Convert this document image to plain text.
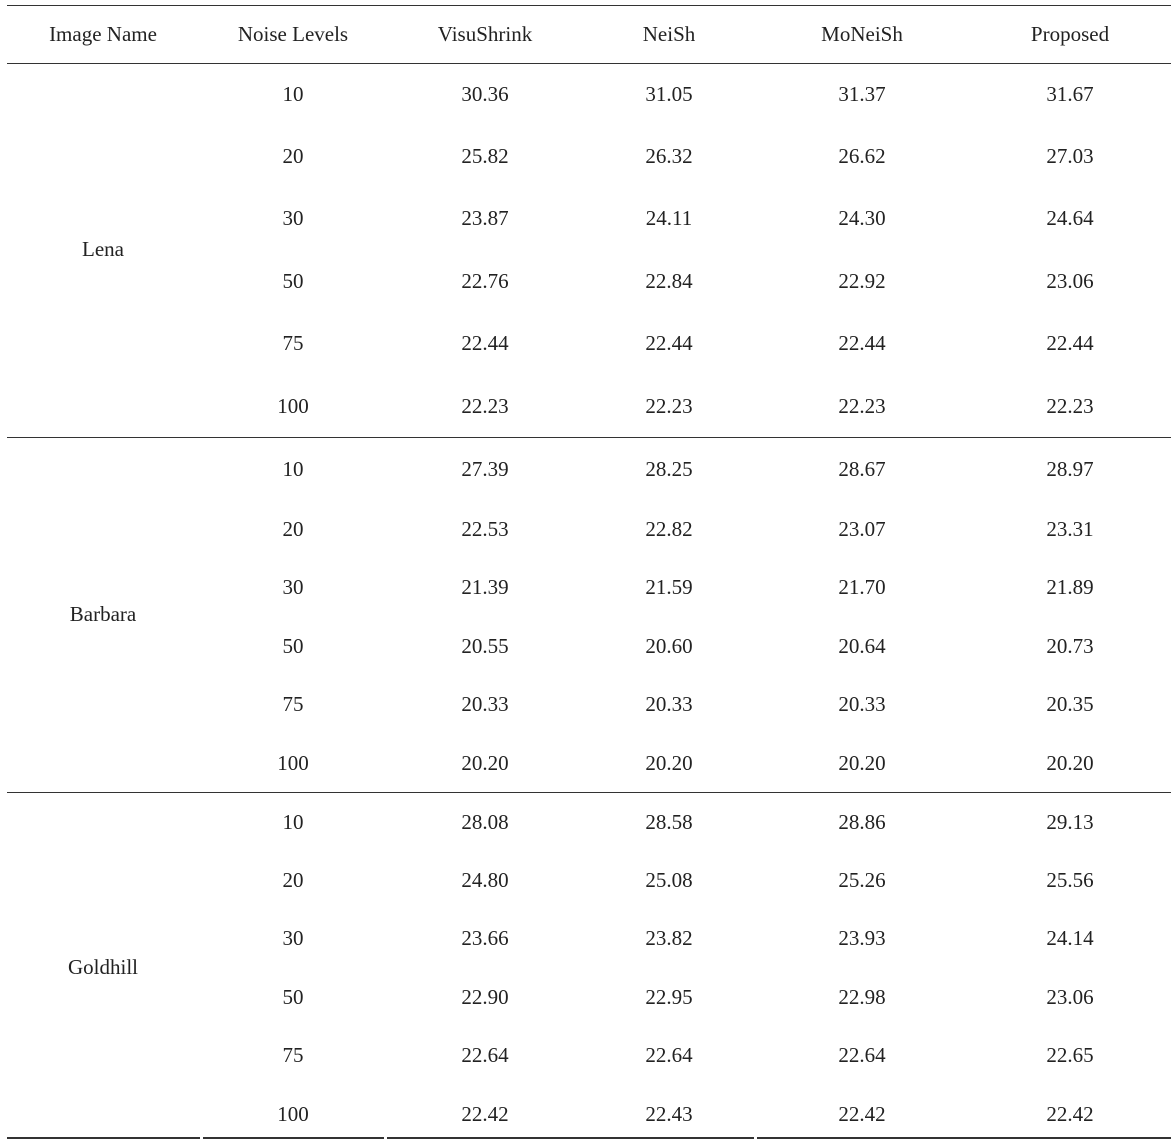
Image Name	Noise Levels	VisuShrink	NeiSh	MoNeiSh	Proposed
Lena
10	30.36	31.05	31.37	31.67
20	25.82	26.32	26.62	27.03
30	23.87	24.11	24.30	24.64
50	22.76	22.84	22.92	23.06
75	22.44	22.44	22.44	22.44
100	22.23	22.23	22.23	22.23
Barbara
10	27.39	28.25	28.67	28.97
20	22.53	22.82	23.07	23.31
30	21.39	21.59	21.70	21.89
50	20.55	20.60	20.64	20.73
75	20.33	20.33	20.33	20.35
100	20.20	20.20	20.20	20.20
Goldhill
10	28.08	28.58	28.86	29.13
20	24.80	25.08	25.26	25.56
30	23.66	23.82	23.93	24.14
50	22.90	22.95	22.98	23.06
75	22.64	22.64	22.64	22.65
100	22.42	22.43	22.42	22.42
